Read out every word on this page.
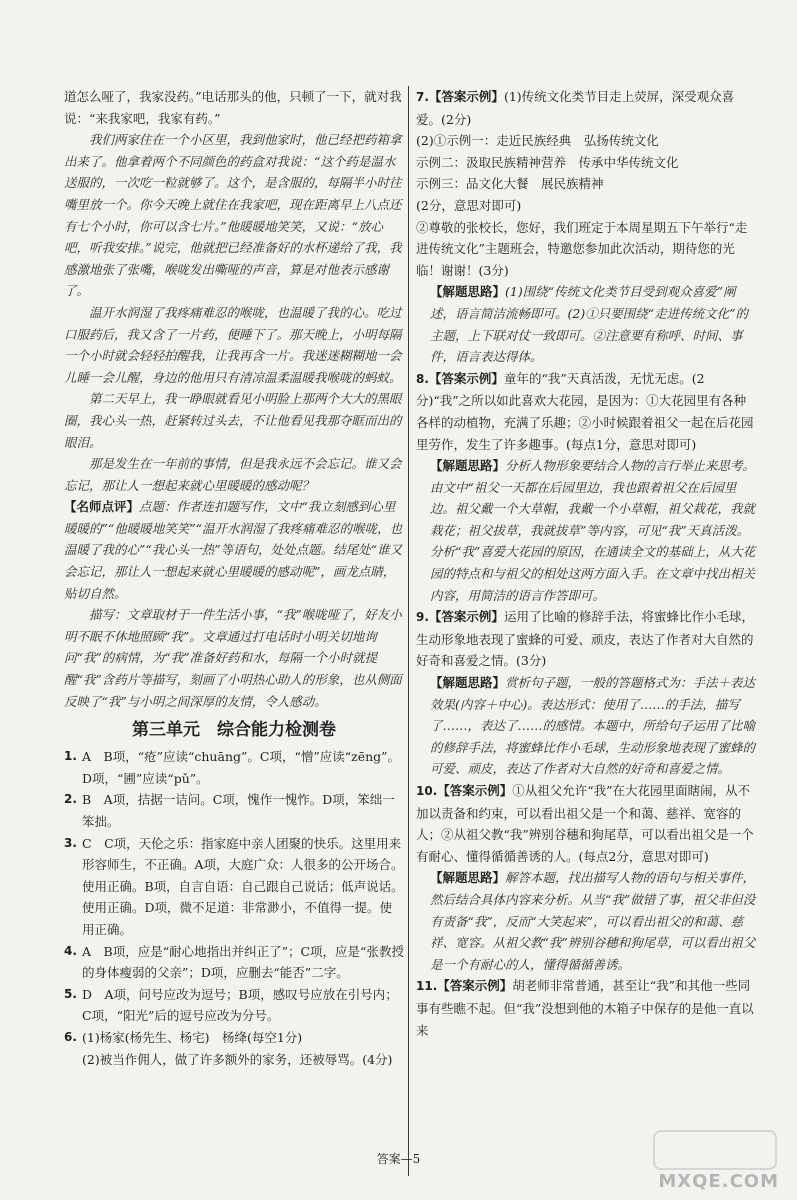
道怎么哑了，我家没药。”电话那头的他，只顿了一下，就对我说：“来我家吧，我家有药。”

我们两家住在一个小区里，我到他家时，他已经把药箱拿出来了。他拿着两个不同颜色的药盒对我说：“这个药是温水送服的，一次吃一粒就够了。这个，是含服的，每隔半小时往嘴里放一个。你今天晚上就住在我家吧，现在距离早上八点还有七个小时，你可以含七片。”他暖暖地笑笑，又说：“放心吧，听我安排。”说完，他就把已经准备好的水杯递给了我，我感激地张了张嘴，喉咙发出嘶哑的声音，算是对他表示感谢了。

温开水润湿了我疼痛难忍的喉咙，也温暖了我的心。吃过口服药后，我又含了一片药，便睡下了。那天晚上，小明每隔一个小时就会轻轻拍醒我，让我再含一片。我迷迷糊糊地一会儿睡一会儿醒，身边的他用只有清凉温柔温暖我喉咙的蚂蚁。

第二天早上，我一睁眼就看见小明脸上那两个大大的黑眼圈，我心头一热，赶紧转过头去，不让他看见我那夺眶而出的眼泪。

那是发生在一年前的事情，但是我永远不会忘记。谁又会忘记，那让人一想起来就心里暖暖的感动呢？

【名师点评】点题：作者连扣题写作，文中“我立刻感到心里暖暖的”“他暖暖地笑笑”“温开水润湿了我疼痛难忍的喉咙，也温暖了我的心”“我心头一热”等语句，处处点题。结尾处“谁又会忘记，那让人一想起来就心里暖暖的感动呢”，画龙点睛，贴切自然。

描写：文章取材于一件生活小事，“我”喉咙哑了，好友小明不眠不休地照顾“我”。文章通过打电话时小明关切地询问“我”的病情，为“我”准备好药和水，每隔一个小时就提醒“我”含药片等描写，刻画了小明热心助人的形象，也从侧面反映了“我”与小明之间深厚的友情，令人感动。

第三单元　综合能力检测卷
1. A　B项，“疮”应读“chuāng”。C项，“憎”应读“zēng”。D项，“圃”应读“pǔ”。
2. B　A项，拮据一诘问。C项，愧作一愧怍。D项，笨绌一笨拙。
3. C　C项，天伦之乐：指家庭中亲人团聚的快乐。这里用来形容师生，不正确。A项，大庭广众：人很多的公开场合。使用正确。B项，自言自语：自己跟自己说话；低声说话。使用正确。D项，微不足道：非常渺小，不值得一提。使用正确。
4. A　B项，应是“耐心地指出并纠正了”；C项，应是“张教授的身体瘦弱的父亲”；D项，应删去“能否”二字。
5. D　A项，问号应改为逗号；B项，感叹号应放在引号内；C项，“阳光”后的逗号应改为分号。
6. (1)杨家(杨先生、杨宅)　杨绛(每空1分)

(2)被当作佣人，做了许多额外的家务，还被辱骂。(4分)

7.【答案示例】(1)传统文化类节目走上荧屏，深受观众喜爱。(2分)

(2)①示例一：走近民族经典　弘扬传统文化

示例二：汲取民族精神营养　传承中华传统文化

示例三：品文化大餐　展民族精神

(2分，意思对即可)

②尊敬的张校长，您好，我们班定于本周星期五下午举行“走进传统文化”主题班会，特邀您参加此次活动，期待您的光临！谢谢！(3分)

【解题思路】(1)围绕“传统文化类节目受到观众喜爱”阐述，语言简洁流畅即可。(2)①只要围绕“走进传统文化”的主题，上下联对仗一致即可。②注意要有称呼、时间、事件，语言表达得体。

8.【答案示例】童年的“我”天真活泼，无忧无虑。(2分)“我”之所以如此喜欢大花园，是因为：①大花园里有各种各样的动植物，充满了乐趣；②小时候跟着祖父一起在后花园里劳作，发生了许多趣事。(每点1分，意思对即可)

【解题思路】分析人物形象要结合人物的言行举止来思考。由文中“祖父一天都在后园里边，我也跟着祖父在后园里边。祖父戴一个大草帽，我戴一个小草帽，祖父栽花，我就栽花；祖父拔草，我就拔草”等内容，可见“我”天真活泼。分析“我”喜爱大花园的原因，在通读全文的基础上，从大花园的特点和与祖父的相处这两方面入手。在文章中找出相关内容，用简洁的语言作答即可。

9.【答案示例】运用了比喻的修辞手法，将蜜蜂比作小毛球，生动形象地表现了蜜蜂的可爱、顽皮，表达了作者对大自然的好奇和喜爱之情。(3分)

【解题思路】赏析句子题，一般的答题格式为：手法＋表达效果(内容＋中心)。表达形式：使用了……的手法，描写了……，表达了……的感情。本题中，所给句子运用了比喻的修辞手法，将蜜蜂比作小毛球，生动形象地表现了蜜蜂的可爱、顽皮，表达了作者对大自然的好奇和喜爱之情。

10.【答案示例】①从祖父允许“我”在大花园里面瞎闹，从不加以责备和约束，可以看出祖父是一个和蔼、慈祥、宽容的人；②从祖父教“我”辨别谷穗和狗尾草，可以看出祖父是一个有耐心、懂得循循善诱的人。(每点2分，意思对即可)

【解题思路】解答本题，找出描写人物的语句与相关事件，然后结合具体内容来分析。从当“我”做错了事，祖父非但没有责备“我”，反而“大笑起来”，可以看出祖父的和蔼、慈祥、宽容。从祖父教“我”辨别谷穗和狗尾草，可以看出祖父是一个有耐心的人，懂得循循善诱。

11.【答案示例】胡老师非常普通，甚至让“我”和其他一些同事有些瞧不起。但“我”没想到他的木箱子中保存的是他一直以来

答案—5
MXQE.COM
